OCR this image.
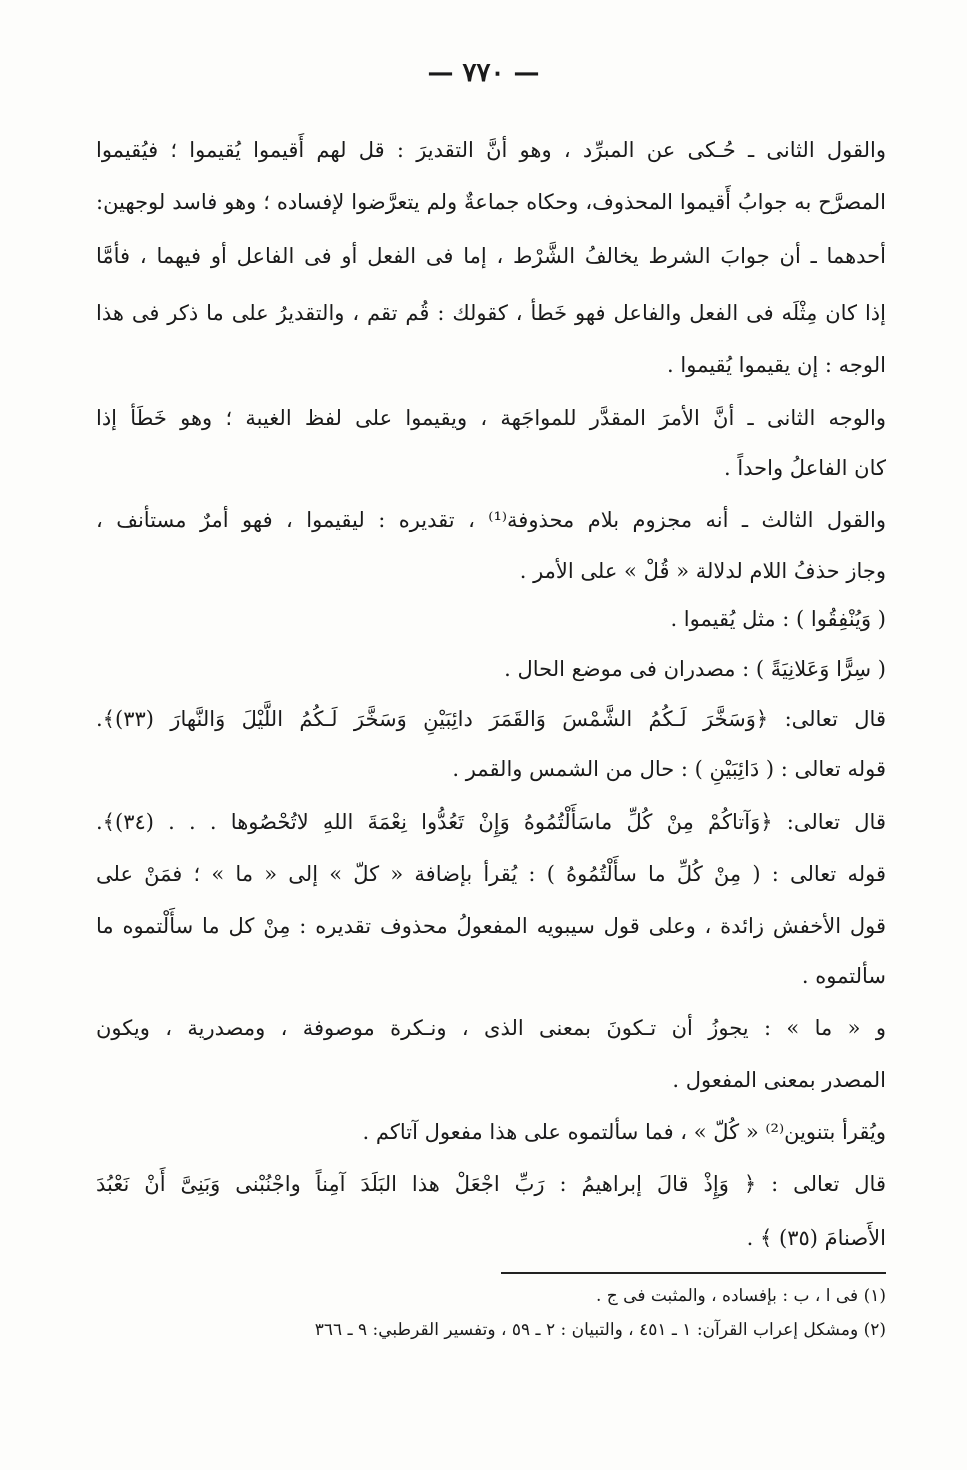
— ٧٧٠ —
والقول الثانى ـ حُـكى عن المبرِّد ، وهو أنَّ التقديرَ : قل لهم أَقيموا يُقيموا ؛ فيُقيموا
المصرَّح به جوابُ أَقيموا المحذوف، وحكاه جماعةٌ ولم يتعرَّضوا لإفساده ؛ وهو فاسد لوجهين:
أحدهما ـ أن جوابَ الشرط يخالفُ الشَّرْط ، إما فى الفعل أو فى الفاعل أو فيهما ، فأمَّا
إذا كان مِثْلَه فى الفعل والفاعل فهو خَطأ ، كقولك : قُم تقم ، والتقديرُ على ما ذكر فى هذا
الوجه : إن يقيموا يُقيموا .
والوجه الثانى ـ أنَّ الأمرَ المقدَّر للمواجَهة ، ويقيموا على لفظ الغيبة ؛ وهو خَطَأ إذا
كان الفاعلُ واحداً .
والقول الثالث ـ أنه مجزوم بلام محذوفة⁽¹⁾ ، تقديره : ليقيموا ، فهو أمرٌ مستأنف ،
وجاز حذفُ اللام لدلالة « قُلْ » على الأمر .
( وَيُنْفِقُوا ) : مثل يُقيموا .
( سِرًّا وَعَلانِيَةً ) : مصدران فى موضع الحال .
قال تعالى: ﴿وَسَخَّرَ لَـكُمُ الشَّمْسَ وَالقَمَرَ دائِبَيْنِ وَسَخَّرَ لَـكُمُ اللَّيْلَ وَالنَّهارَ (٣٣)﴾.
قوله تعالى : ( دَائِبَيْنِ ) : حال من الشمس والقمر .
قال تعالى: ﴿وَآتاكُمْ مِنْ كُلِّ ماسَأَلْتُمُوهُ وَإِنْ تَعُدُّوا نِعْمَةَ اللهِ لاتُحْصُوها . . . (٣٤)﴾.
قوله تعالى : ( مِنْ كُلِّ ما سأَلْتُمُوهُ ) : يُقرأ بإضافة « كلّ » إلى « ما » ؛ فمَنْ على
قول الأخفش زائدة ، وعلى قول سيبويه المفعولُ محذوف تقديره : مِنْ كل ما سأَلْتموه ما
سألتموه .
و « ما » : يجوزُ أن تـكونَ بمعنى الذى ، ونـكرة موصوفة ، ومصدرية ، ويكون
المصدر بمعنى المفعول .
ويُقرأ بتنوين⁽²⁾ « كُلّ » ، فما سألتموه على هذا مفعول آتاكم .
قال تعالى : ﴿ وَإِذْ قالَ إبراهيمُ : رَبِّ اجْعَلْ هذا البَلَدَ آمِناً واجْنُبْنى وَبَنِىَّ أَنْ نَعْبُدَ
الأَصنامَ (٣٥) ﴾ .
(١) فى ا ، ب : بإفساده ، والمثبت فى ج .
(٢) ومشكل إعراب القرآن: ١ ـ ٤٥١ ، والتبيان : ٢ ـ ٥٩ ، وتفسير القرطبي: ٩ ـ ٣٦٦
